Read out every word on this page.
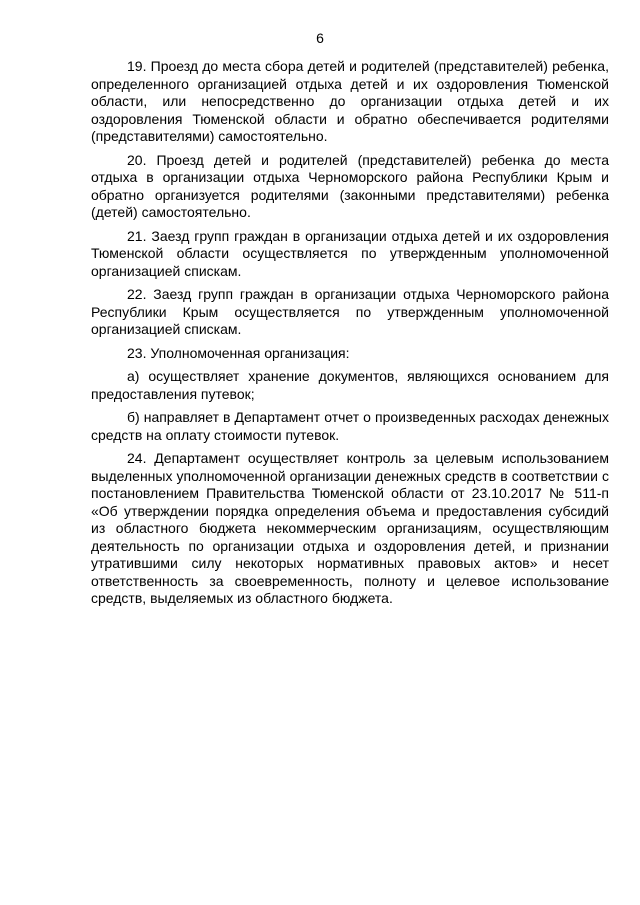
6

19. Проезд до места сбора детей и родителей (представителей) ребенка, определенного организацией отдыха детей и их оздоровления Тюменской области, или непосредственно до организации отдыха детей и их оздоровления Тюменской области и обратно обеспечивается родителями (представителями) самостоятельно.

20. Проезд детей и родителей (представителей) ребенка до места отдыха в организации отдыха Черноморского района Республики Крым и обратно организуется родителями (законными представителями) ребенка (детей) самостоятельно.

21. Заезд групп граждан в организации отдыха детей и их оздоровления Тюменской области осуществляется по утвержденным уполномоченной организацией спискам.

22. Заезд групп граждан в организации отдыха Черноморского района Республики Крым осуществляется по утвержденным уполномоченной организацией спискам.

23. Уполномоченная организация:

а) осуществляет хранение документов, являющихся основанием для предоставления путевок;

б) направляет в Департамент отчет о произведенных расходах денежных средств на оплату стоимости путевок.

24. Департамент осуществляет контроль за целевым использованием выделенных уполномоченной организации денежных средств в соответствии с постановлением Правительства Тюменской области от 23.10.2017 № 511-п «Об утверждении порядка определения объема и предоставления субсидий из областного бюджета некоммерческим организациям, осуществляющим деятельность по организации отдыха и оздоровления детей, и признании утратившими силу некоторых нормативных правовых актов» и несет ответственность за своевременность, полноту и целевое использование средств, выделяемых из областного бюджета.
